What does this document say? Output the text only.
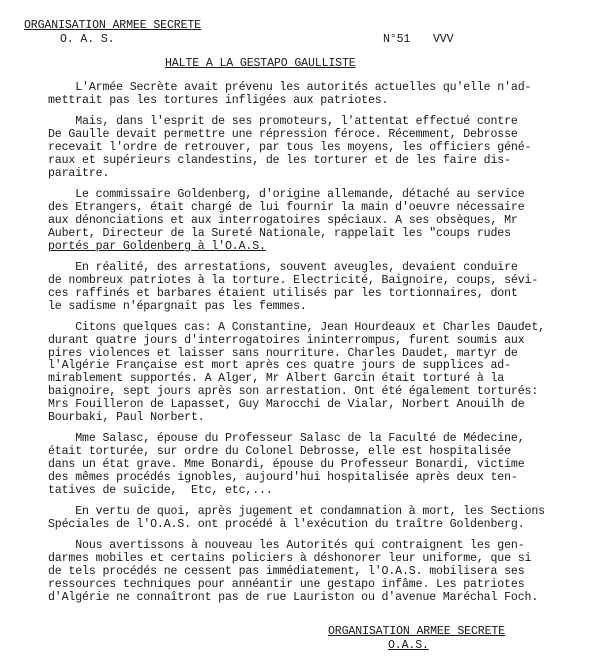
ORGANISATION ARMEE SECRETE
O. A. S.	N°51 VVV
HALTE A LA GESTAPO GAULLISTE
L'Armée Secrète avait prévenu les autorités actuelles qu'elle n'ad-
mettrait pas les tortures infligées aux patriotes.
Mais, dans l'esprit de ses promoteurs, l'attentat effectué contre
De Gaulle devait permettre une répression féroce. Récemment, Debrosse
recevait l'ordre de retrouver, par tous les moyens, les officiers géné-
raux et supérieurs clandestins, de les torturer et de les faire dis-
paraitre.
Le commissaire Goldenberg, d'origine allemande, détaché au service
des Etrangers, était chargé de lui fournir la main d'oeuvre nécessaire
aux dénonciations et aux interrogatoires spéciaux. A ses obsèques, Mr
Aubert, Directeur de la Sureté Nationale, rappelait les "coups rudes
portés par Goldenberg à l'O.A.S.
En réalité, des arrestations, souvent aveugles, devaient conduire
de nombreux patriotes à la torture. Electricité, Baignoire, coups, sévi-
ces raffinés et barbares étaient utilisés par les tortionnaires, dont
le sadisme n'épargnait pas les femmes.
Citons quelques cas: A Constantine, Jean Hourdeaux et Charles Daudet,
durant quatre jours d'interrogatoires ininterrompus, furent soumis aux
pires violences et laisser sans nourriture. Charles Daudet, martyr de
l'Algérie Française est mort après ces quatre jours de supplices ad-
mirablement supportés. A Alger, Mr Albert Garcin était torturé à la
baignoire, sept jours après son arrestation. Ont été également torturés:
Mrs Fouilleron de Lapasset, Guy Marocchi de Vialar, Norbert Anouilh de
Bourbaki, Paul Norbert.
Mme Salasc, épouse du Professeur Salasc de la Faculté de Médecine,
était torturée, sur ordre du Colonel Debrosse, elle est hospitalisée
dans un état grave. Mme Bonardi, épouse du Professeur Bonardi, victime
des mêmes procédés ignobles, aujourd'hui hospitalisée après deux ten-
tatives de suicide,  Etc, etc,...
En vertu de quoi, après jugement et condamnation à mort, les Sections
Spéciales de l'O.A.S. ont procédé à l'exécution du traître Goldenberg.
Nous avertissons à nouveau les Autorités qui contraignent les gen-
darmes mobiles et certains policiers à déshonorer leur uniforme, que si
de tels procédés ne cessent pas immédiatement, l'O.A.S. mobilisera ses
ressources techniques pour annéantir une gestapo infâme. Les patriotes
d'Algérie ne connaîtront pas de rue Lauriston ou d'avenue Maréchal Foch.
ORGANISATION ARMEE SECRETE
O.A.S.
